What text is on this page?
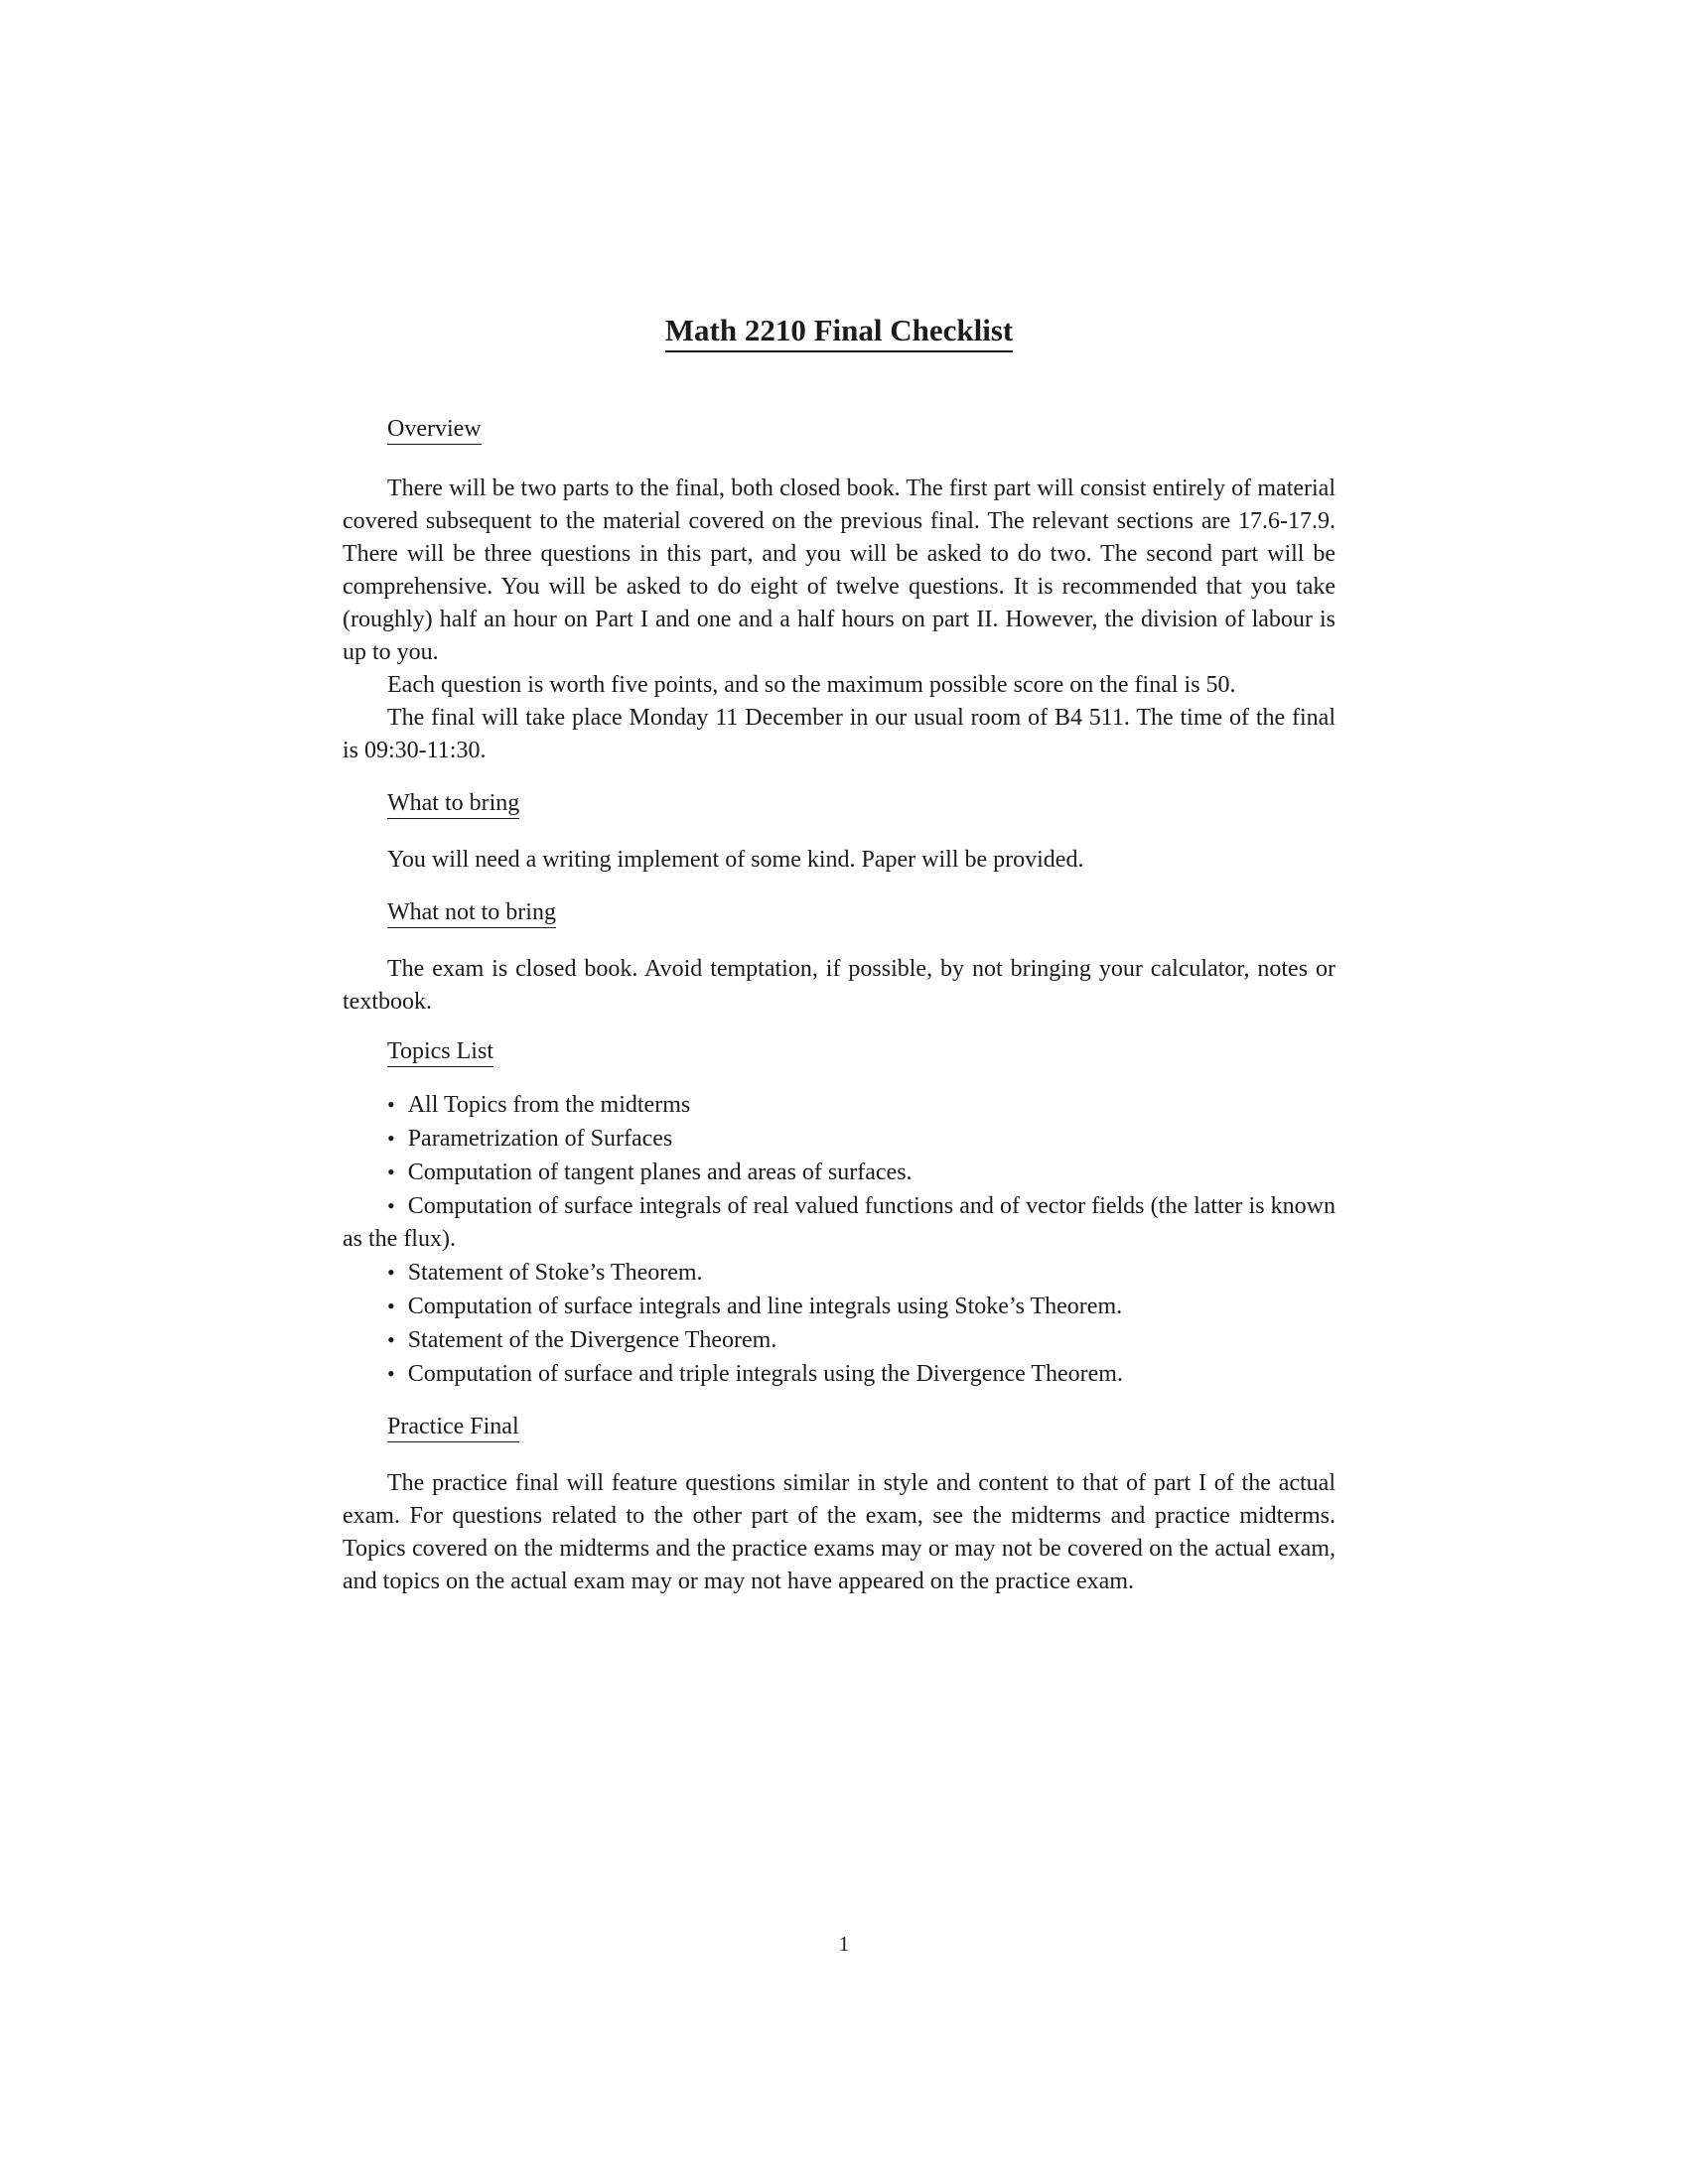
Math 2210 Final Checklist
Overview

There will be two parts to the final, both closed book. The first part will consist entirely of material covered subsequent to the material covered on the previous final. The relevant sections are 17.6-17.9. There will be three questions in this part, and you will be asked to do two. The second part will be comprehensive. You will be asked to do eight of twelve questions. It is recommended that you take (roughly) half an hour on Part I and one and a half hours on part II. However, the division of labour is up to you.

Each question is worth five points, and so the maximum possible score on the final is 50.

The final will take place Monday 11 December in our usual room of B4 511. The time of the final is 09:30-11:30.

What to bring

You will need a writing implement of some kind. Paper will be provided.

What not to bring

The exam is closed book. Avoid temptation, if possible, by not bringing your calculator, notes or textbook.

Topics List

• All Topics from the midterms

• Parametrization of Surfaces

• Computation of tangent planes and areas of surfaces.

• Computation of surface integrals of real valued functions and of vector fields (the latter is known as the flux).

• Statement of Stoke’s Theorem.

• Computation of surface integrals and line integrals using Stoke’s Theorem.

• Statement of the Divergence Theorem.

• Computation of surface and triple integrals using the Divergence Theorem.

Practice Final

The practice final will feature questions similar in style and content to that of part I of the actual exam. For questions related to the other part of the exam, see the midterms and practice midterms. Topics covered on the midterms and the practice exams may or may not be covered on the actual exam, and topics on the actual exam may or may not have appeared on the practice exam.

1
